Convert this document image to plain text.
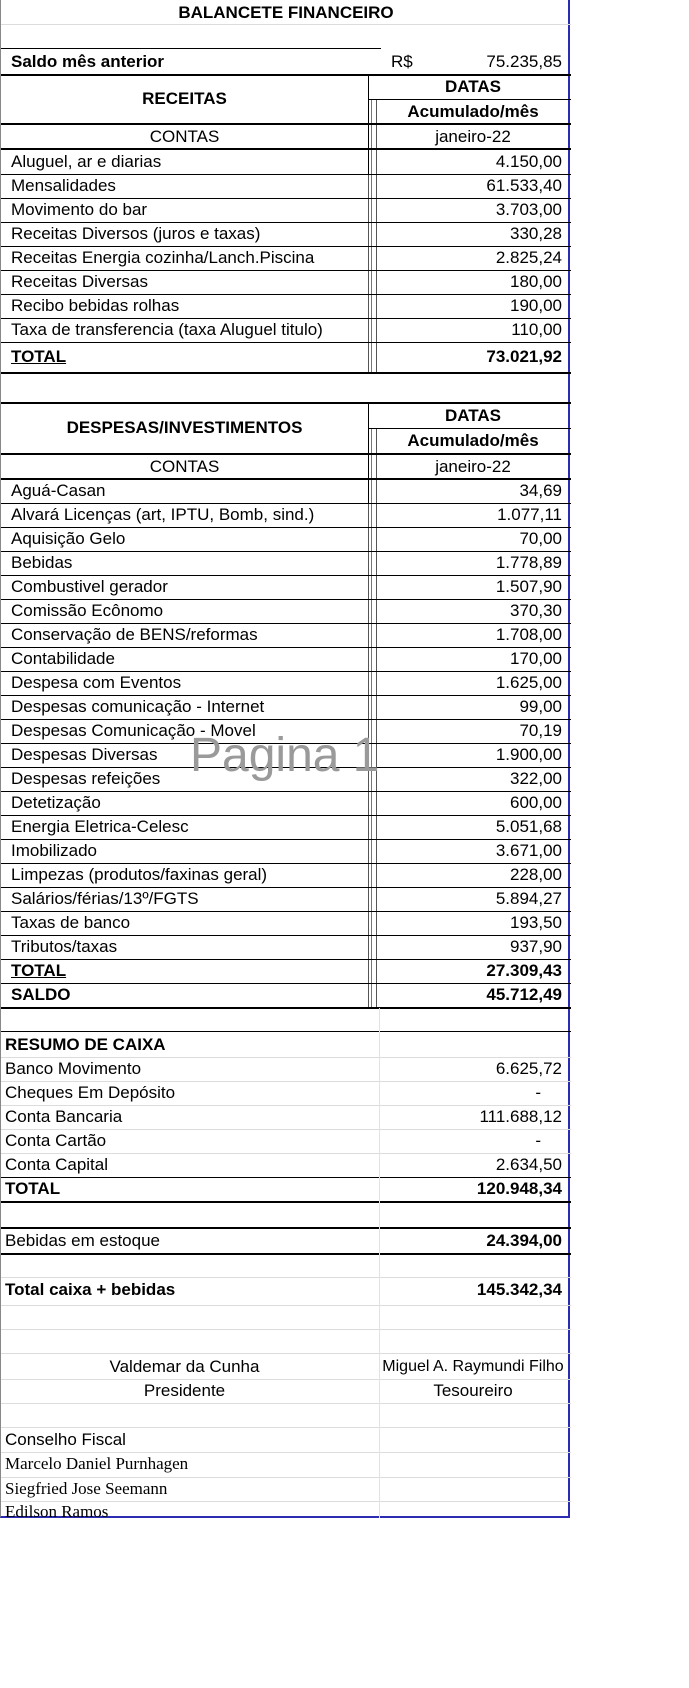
BALANCETE FINANCEIRO
Saldo mês anterior	R$	75.235,85
RECEITAS
DATAS
Acumulado/mês
CONTAS	janeiro-22
Aluguel, ar e diarias	4.150,00
Mensalidades	61.533,40
Movimento do bar	3.703,00
Receitas Diversos (juros e taxas)	330,28
Receitas Energia cozinha/Lanch.Piscina	2.825,24
Receitas Diversas	180,00
Recibo bebidas rolhas	190,00
Taxa de transferencia (taxa Aluguel titulo)	110,00
TOTAL	73.021,92
DESPESAS/INVESTIMENTOS
DATAS
Acumulado/mês
CONTAS	janeiro-22
Aguá-Casan	34,69
Alvará Licenças (art, IPTU, Bomb, sind.)	1.077,11
Aquisição Gelo	70,00
Bebidas	1.778,89
Combustivel gerador	1.507,90
Comissão Ecônomo	370,30
Conservação de BENS/reformas	1.708,00
Contabilidade	170,00
Despesa com Eventos	1.625,00
Despesas comunicação - Internet	99,00
Despesas Comunicação - Movel	70,19
Despesas Diversas	1.900,00
Despesas refeições	322,00
Detetização	600,00
Energia Eletrica-Celesc	5.051,68
Imobilizado	3.671,00
Limpezas (produtos/faxinas geral)	228,00
Salários/férias/13º/FGTS	5.894,27
Taxas de banco	193,50
Tributos/taxas	937,90
TOTAL	27.309,43
SALDO	45.712,49
RESUMO DE CAIXA
Banco Movimento	6.625,72
Cheques Em Depósito	-
Conta Bancaria	111.688,12
Conta Cartão	-
Conta Capital	2.634,50
TOTAL	120.948,34
Bebidas em estoque	24.394,00
Total caixa + bebidas	145.342,34
Valdemar da Cunha	Miguel A. Raymundi Filho
Presidente	Tesoureiro
Conselho Fiscal
Marcelo Daniel Purnhagen
Siegfried Jose Seemann
Edilson Ramos
Pagina 1
